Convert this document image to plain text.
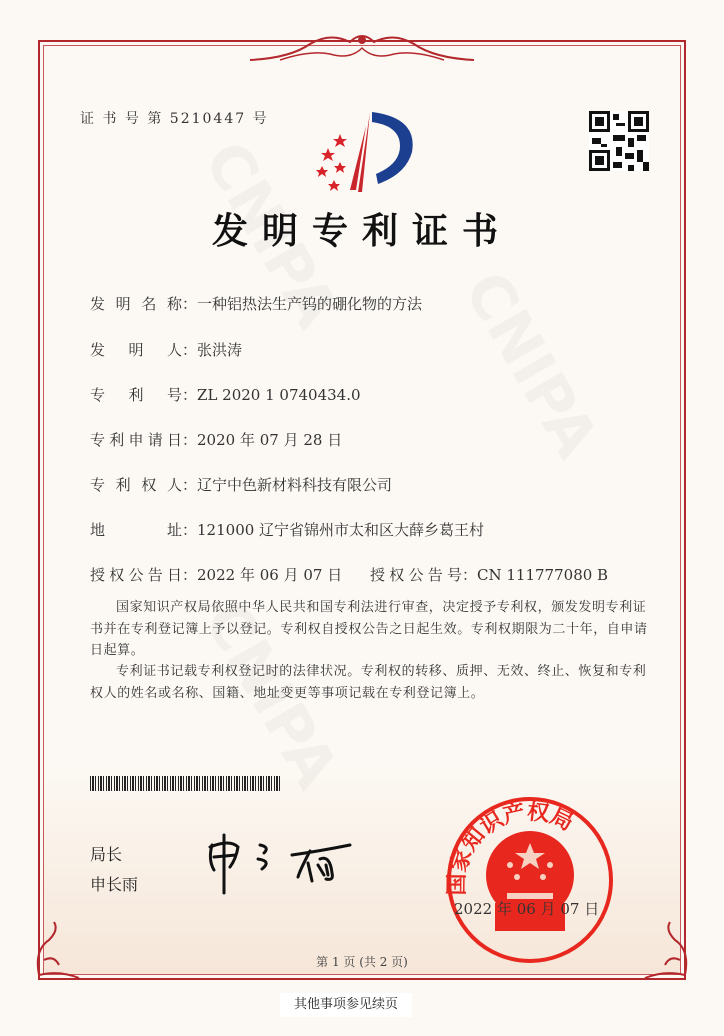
证 书 号 第 5210447 号
发明专利证书
发明名称：一种铝热法生产钨的硼化物的方法
发明人：张洪涛
专利号：ZL 2020 1 0740434.0
专利申请日：2020 年 07 月 28 日
专利权人：辽宁中色新材料科技有限公司
地址：121000 辽宁省锦州市太和区大薛乡葛王村
授权公告日：2022 年 06 月 07 日 授权公告号：CN 111777080 B
国家知识产权局依照中华人民共和国专利法进行审查，决定授予专利权，颁发发明专利证书并在专利登记簿上予以登记。专利权自授权公告之日起生效。专利权期限为二十年，自申请日起算。
专利证书记载专利权登记时的法律状况。专利权的转移、质押、无效、终止、恢复和专利权人的姓名或名称、国籍、地址变更等事项记载在专利登记簿上。
局长
申长雨	国家知识产权局
2022 年 06 月 07 日
第 1 页 (共 2 页)
其他事项参见续页
